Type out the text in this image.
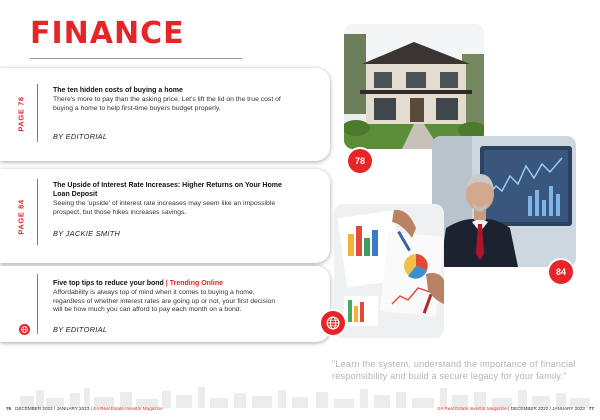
FINANCE
PAGE 78

The ten hidden costs of buying a home

There's more to pay than the asking price. Let's lift the lid on the true cost of buying a home to help first-time buyers budget properly.

BY EDITORIAL
PAGE 84

The Upside of Interest Rate Increases: Higher Returns on Your Home Loan Deposit

Seeing the 'upside' of interest rate increases may seem like an impossible prospect, but those hikes increases savings.

BY JACKIE SMITH

Five top tips to reduce your bond | Trending Online

Affordability is always top of mind when it comes to buying a home, regardless of whether interest rates are going up or not, your first decision will be how much you can afford to pay each month on a bond.

BY EDITORIAL
78
84

"Learn the system, understand the importance of financial responsibility and build a secure legacy for your family."

76 DECEMBER 2022 / JANUARY 2023 | SA Real Estate Investor Magazine	SA Real Estate Investor Magazine | DECEMBER 2022 / JANUARY 2023 77
